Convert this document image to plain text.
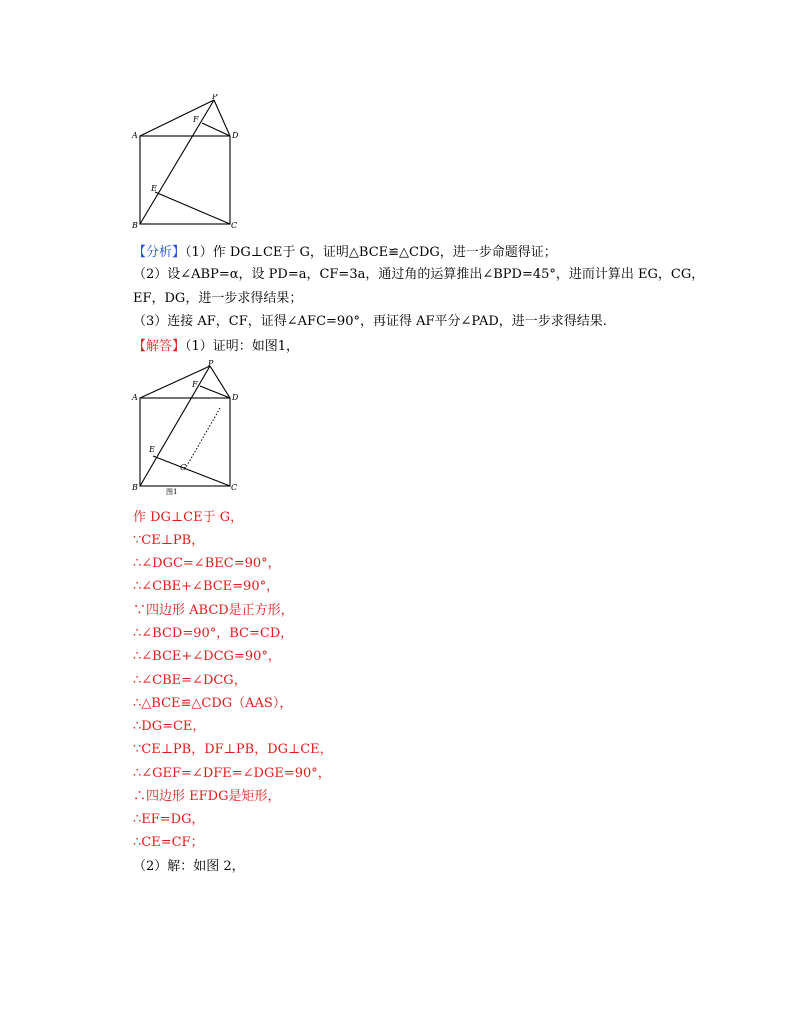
P
F
A	D
E
B	C
【分析】（1）作 DG⊥CE于 G，证明△BCE≌△CDG，进一步命题得证；
（2）设∠ABP=α，设 PD=a，CF=3a，通过角的运算推出∠BPD=45°，进而计算出 EG，CG，
EF，DG，进一步求得结果；
（3）连接 AF，CF，证得∠AFC=90°，再证得 AF平分∠PAD，进一步求得结果.
【解答】（1）证明：如图1，
P
F
A	D
E
G
B	C
图1
作 DG⊥CE于 G，
∵CE⊥PB，
∴∠DGC=∠BEC=90°，
∴∠CBE+∠BCE=90°，
∵四边形 ABCD是正方形，
∴∠BCD=90°，BC=CD，
∴∠BCE+∠DCG=90°，
∴∠CBE=∠DCG，
∴△BCE≌△CDG（AAS），
∴DG=CE，
∵CE⊥PB，DF⊥PB，DG⊥CE，
∴∠GEF=∠DFE=∠DGE=90°，
∴四边形 EFDG是矩形，
∴EF=DG，
∴CE=CF；
（2）解：如图 2，
